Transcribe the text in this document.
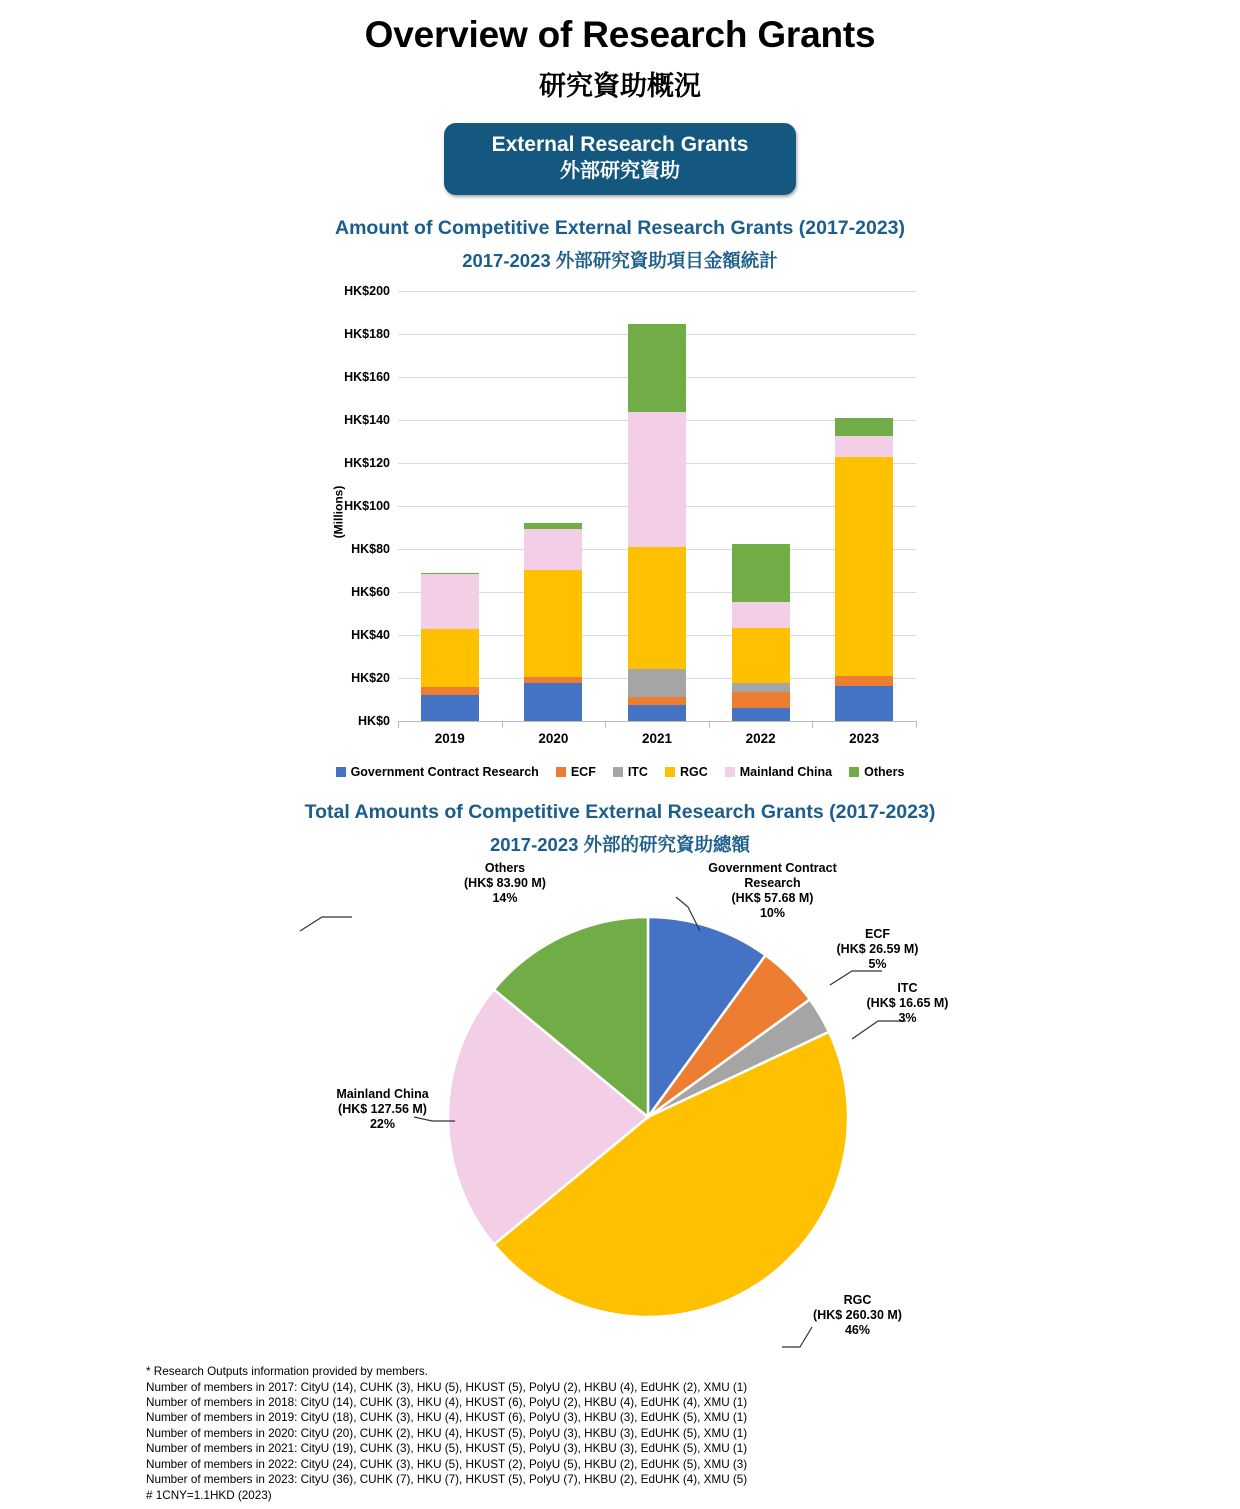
Overview of Research Grants
研究資助概況
External Research Grants
外部研究資助
Amount of Competitive External Research Grants (2017-2023)
2017-2023 外部研究資助項目金額統計
(Millions)
HK$0
HK$20
HK$40
HK$60
HK$80
HK$100
HK$120
HK$140
HK$160
HK$180
HK$200
2019	2020	2021	2022	2023
Government Contract Research	ECF	ITC	RGC	Mainland China	Others
Total Amounts of Competitive External Research Grants (2017-2023)
2017-2023 外部的研究資助總額
Government Contract Research
(HK$ 57.68 M)
10%
ECF
(HK$ 26.59 M)
5%
ITC
(HK$ 16.65 M)
3%
RGC
(HK$ 260.30 M)
46%
Mainland China
(HK$ 127.56 M)
22%
Others
(HK$ 83.90 M)
14%
* Research Outputs information provided by members.
Number of members in 2017: CityU (14), CUHK (3), HKU (5), HKUST (5), PolyU (2), HKBU (4), EdUHK (2), XMU (1)
Number of members in 2018: CityU (14), CUHK (3), HKU (4), HKUST (6), PolyU (2), HKBU (4), EdUHK (4), XMU (1)
Number of members in 2019: CityU (18), CUHK (3), HKU (4), HKUST (6), PolyU (3), HKBU (3), EdUHK (5), XMU (1)
Number of members in 2020: CityU (20), CUHK (2), HKU (4), HKUST (5), PolyU (3), HKBU (3), EdUHK (5), XMU (1)
Number of members in 2021: CityU (19), CUHK (3), HKU (5), HKUST (5), PolyU (3), HKBU (3), EdUHK (5), XMU (1)
Number of members in 2022: CityU (24), CUHK (3), HKU (5), HKUST (2), PolyU (5), HKBU (2), EdUHK (5), XMU (3)
Number of members in 2023: CityU (36), CUHK (7), HKU (7), HKUST (5), PolyU (7), HKBU (2), EdUHK (4), XMU (5)
# 1CNY=1.1HKD (2023)
